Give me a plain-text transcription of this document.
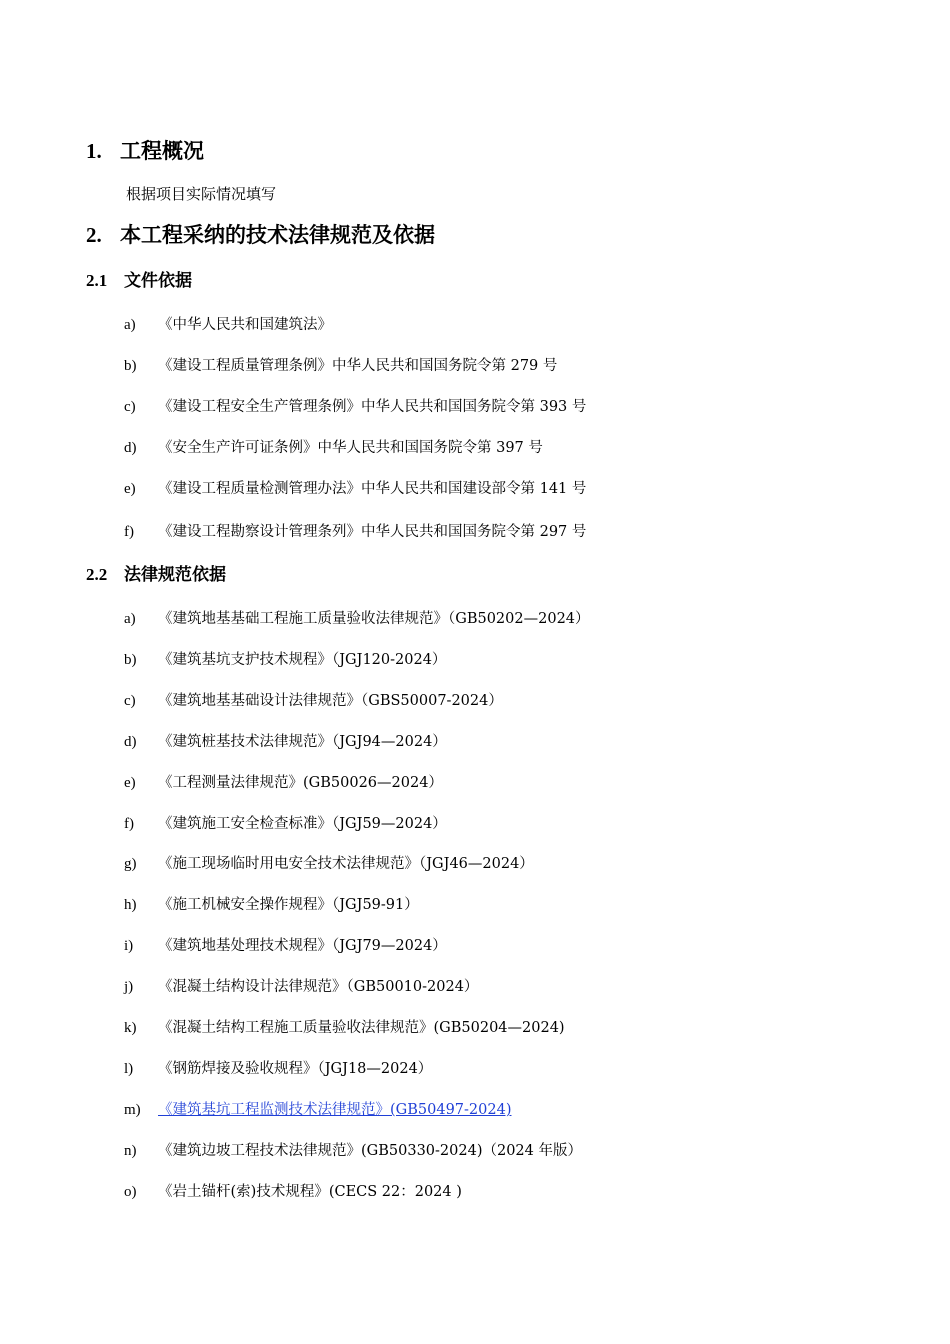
1. 工程概况
根据项目实际情况填写
2. 本工程采纳的技术法律规范及依据
2.1 文件依据
a) 《中华人民共和国建筑法》
b) 《建设工程质量管理条例》中华人民共和国国务院令第 279 号
c) 《建设工程安全生产管理条例》中华人民共和国国务院令第 393 号
d) 《安全生产许可证条例》中华人民共和国国务院令第 397 号
e) 《建设工程质量检测管理办法》中华人民共和国建设部令第 141 号
f) 《建设工程勘察设计管理条列》中华人民共和国国务院令第 297 号
2.2 法律规范依据
a) 《建筑地基基础工程施工质量验收法律规范》（GB50202—2024）
b) 《建筑基坑支护技术规程》（JGJ120-2024）
c) 《建筑地基基础设计法律规范》（GBS50007-2024）
d) 《建筑桩基技术法律规范》（JGJ94—2024）
e) 《工程测量法律规范》(GB50026—2024）
f) 《建筑施工安全检查标准》（JGJ59—2024）
g) 《施工现场临时用电安全技术法律规范》（JGJ46—2024）
h) 《施工机械安全操作规程》（JGJ59-91）
i) 《建筑地基处理技术规程》（JGJ79—2024）
j) 《混凝土结构设计法律规范》（GB50010-2024）
k) 《混凝土结构工程施工质量验收法律规范》(GB50204—2024)
l) 《钢筋焊接及验收规程》（JGJ18—2024）
m) 《建筑基坑工程监测技术法律规范》(GB50497-2024)
n) 《建筑边坡工程技术法律规范》(GB50330-2024)（2024 年版）
o) 《岩土锚杆(索)技术规程》(CECS 22：2024 )
